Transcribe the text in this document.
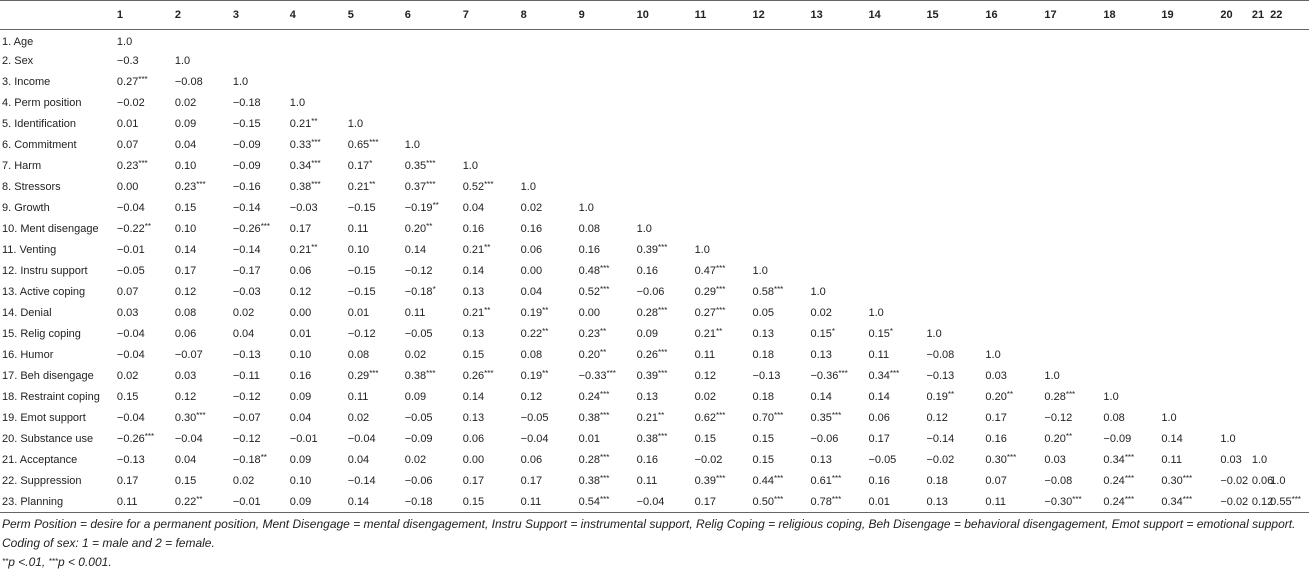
	1	2	3	4	5	6	7	8	9	10	11	12	13	14	15	16	17	18	19	20	21	22
1. Age	1.0																					
2. Sex	−0.3	1.0																				
3. Income	0.27***	−0.08	1.0																			
4. Perm position	−0.02	0.02	−0.18	1.0																		
5. Identification	0.01	0.09	−0.15	0.21**	1.0																	
6. Commitment	0.07	0.04	−0.09	0.33***	0.65***	1.0																
7. Harm	0.23***	0.10	−0.09	0.34***	0.17*	0.35***	1.0															
8. Stressors	0.00	0.23***	−0.16	0.38***	0.21**	0.37***	0.52***	1.0														
9. Growth	−0.04	0.15	−0.14	−0.03	−0.15	−0.19**	0.04	0.02	1.0													
10. Ment disengage	−0.22**	0.10	−0.26***	0.17	0.11	0.20**	0.16	0.16	0.08	1.0												
11. Venting	−0.01	0.14	−0.14	0.21**	0.10	0.14	0.21**	0.06	0.16	0.39***	1.0											
12. Instru support	−0.05	0.17	−0.17	0.06	−0.15	−0.12	0.14	0.00	0.48***	0.16	0.47***	1.0										
13. Active coping	0.07	0.12	−0.03	0.12	−0.15	−0.18*	0.13	0.04	0.52***	−0.06	0.29***	0.58***	1.0									
14. Denial	0.03	0.08	0.02	0.00	0.01	0.11	0.21**	0.19**	0.00	0.28***	0.27***	0.05	0.02	1.0								
15. Relig coping	−0.04	0.06	0.04	0.01	−0.12	−0.05	0.13	0.22**	0.23**	0.09	0.21**	0.13	0.15*	0.15*	1.0							
16. Humor	−0.04	−0.07	−0.13	0.10	0.08	0.02	0.15	0.08	0.20**	0.26***	0.11	0.18	0.13	0.11	−0.08	1.0						
17. Beh disengage	0.02	0.03	−0.11	0.16	0.29***	0.38***	0.26***	0.19**	−0.33***	0.39***	0.12	−0.13	−0.36***	0.34***	−0.13	0.03	1.0					
18. Restraint coping	0.15	0.12	−0.12	0.09	0.11	0.09	0.14	0.12	0.24***	0.13	0.02	0.18	0.14	0.14	0.19**	0.20**	0.28***	1.0				
19. Emot support	−0.04	0.30***	−0.07	0.04	0.02	−0.05	0.13	−0.05	0.38***	0.21**	0.62***	0.70***	0.35***	0.06	0.12	0.17	−0.12	0.08	1.0			
20. Substance use	−0.26***	−0.04	−0.12	−0.01	−0.04	−0.09	0.06	−0.04	0.01	0.38***	0.15	0.15	−0.06	0.17	−0.14	0.16	0.20**	−0.09	0.14	1.0		
21. Acceptance	−0.13	0.04	−0.18**	0.09	0.04	0.02	0.00	0.06	0.28***	0.16	−0.02	0.15	0.13	−0.05	−0.02	0.30***	0.03	0.34***	0.11	0.03	1.0	
22. Suppression	0.17	0.15	0.02	0.10	−0.14	−0.06	0.17	0.17	0.38***	0.11	0.39***	0.44***	0.61***	0.16	0.18	0.07	−0.08	0.24***	0.30***	−0.02	0.06	1.0
23. Planning	0.11	0.22**	−0.01	0.09	0.14	−0.18	0.15	0.11	0.54***	−0.04	0.17	0.50***	0.78***	0.01	0.13	0.11	−0.30***	0.24***	0.34***	−0.02	0.12	0.55***

Perm Position = desire for a permanent position, Ment Disengage = mental disengagement, Instru Support = instrumental support, Relig Coping = religious coping, Beh Disengage = behavioral disengagement, Emot support = emotional support. Coding of sex: 1 = male and 2 = female.

**p <.01, ***p < 0.001.
